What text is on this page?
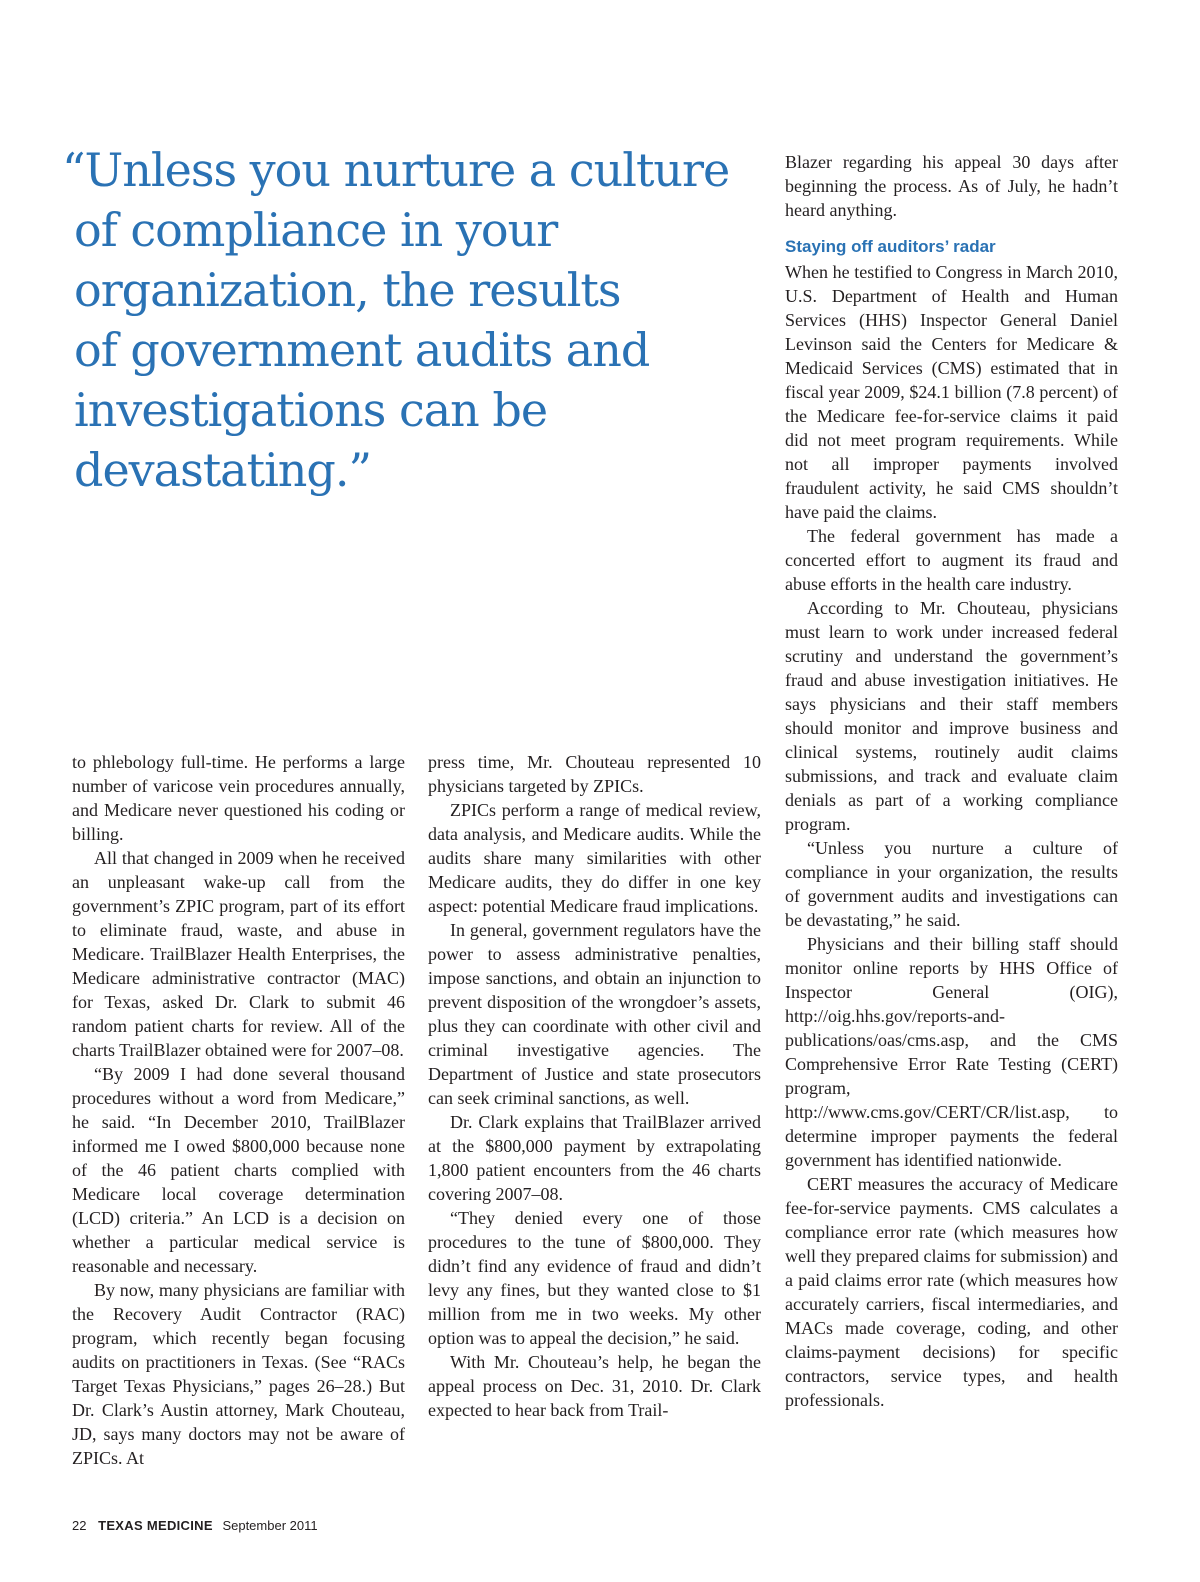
“Unless you nurture a culture
of compliance in your
organization, the results
of government audits and
investigations can be
devastating.”

to phlebology full-time. He performs a large number of varicose vein procedures annually, and Medicare never questioned his coding or billing.

All that changed in 2009 when he received an unpleasant wake-up call from the government’s ZPIC program, part of its effort to eliminate fraud, waste, and abuse in Medicare. TrailBlazer Health Enterprises, the Medicare administrative contractor (MAC) for Texas, asked Dr. Clark to submit 46 random patient charts for review. All of the charts TrailBlazer obtained were for 2007–08.

“By 2009 I had done several thousand procedures without a word from Medicare,” he said. “In December 2010, TrailBlazer informed me I owed $800,000 because none of the 46 patient charts complied with Medicare local coverage determination (LCD) criteria.” An LCD is a decision on whether a particular medical service is reasonable and necessary.

By now, many physicians are familiar with the Recovery Audit Contractor (RAC) program, which recently began focusing audits on practitioners in Texas. (See “RACs Target Texas Physicians,” pages 26–28.) But Dr. Clark’s Austin attorney, Mark Chouteau, JD, says many doctors may not be aware of ZPICs. At

press time, Mr. Chouteau represented 10 physicians targeted by ZPICs.

ZPICs perform a range of medical review, data analysis, and Medicare audits. While the audits share many similarities with other Medicare audits, they do differ in one key aspect: potential Medicare fraud implications.

In general, government regulators have the power to assess administrative penalties, impose sanctions, and obtain an injunction to prevent disposition of the wrongdoer’s assets, plus they can coordinate with other civil and criminal investigative agencies. The Department of Justice and state prosecutors can seek criminal sanctions, as well.

Dr. Clark explains that TrailBlazer arrived at the $800,000 payment by extrapolating 1,800 patient encounters from the 46 charts covering 2007–08.

“They denied every one of those procedures to the tune of $800,000. They didn’t find any evidence of fraud and didn’t levy any fines, but they wanted close to $1 million from me in two weeks. My other option was to appeal the decision,” he said.

With Mr. Chouteau’s help, he began the appeal process on Dec. 31, 2010. Dr. Clark expected to hear back from Trail-

Blazer regarding his appeal 30 days after beginning the process. As of July, he hadn’t heard anything.

Staying off auditors’ radar

When he testified to Congress in March 2010, U.S. Department of Health and Human Services (HHS) Inspector General Daniel Levinson said the Centers for Medicare & Medicaid Services (CMS) estimated that in fiscal year 2009, $24.1 billion (7.8 percent) of the Medicare fee-for-service claims it paid did not meet program requirements. While not all improper payments involved fraudulent activity, he said CMS shouldn’t have paid the claims.

The federal government has made a concerted effort to augment its fraud and abuse efforts in the health care industry.

According to Mr. Chouteau, physicians must learn to work under increased federal scrutiny and understand the government’s fraud and abuse investigation initiatives. He says physicians and their staff members should monitor and improve business and clinical systems, routinely audit claims submissions, and track and evaluate claim denials as part of a working compliance program.

“Unless you nurture a culture of compliance in your organization, the results of government audits and investigations can be devastating,” he said.

Physicians and their billing staff should monitor online reports by HHS Office of Inspector General (OIG), http://oig.hhs.gov/reports-and-publications/oas/cms.asp, and the CMS Comprehensive Error Rate Testing (CERT) program, http://www.cms.gov/CERT/CR/list.asp, to determine improper payments the federal government has identified nationwide.

CERT measures the accuracy of Medicare fee-for-service payments. CMS calculates a compliance error rate (which measures how well they prepared claims for submission) and a paid claims error rate (which measures how accurately carriers, fiscal intermediaries, and MACs made coverage, coding, and other claims-payment decisions) for specific contractors, service types, and health professionals.

22 TEXAS MEDICINE September 2011
